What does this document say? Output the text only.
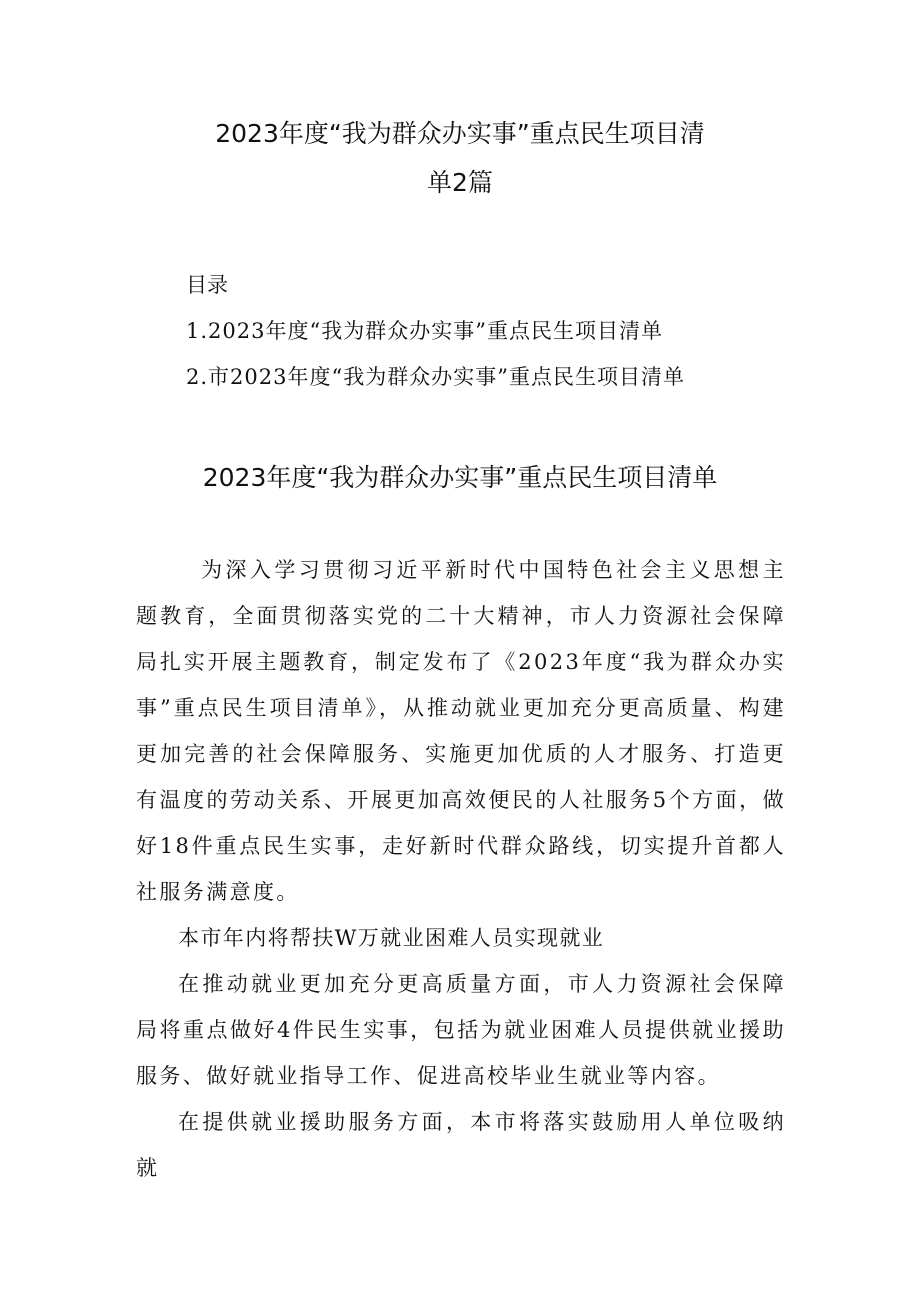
2023年度“我为群众办实事”重点民生项目清
单2篇
目录
1.2023年度“我为群众办实事”重点民生项目清单
2.市2023年度“我为群众办实事”重点民生项目清单
2023年度“我为群众办实事”重点民生项目清单

为深入学习贯彻习近平新时代中国特色社会主义思想主题教育，全面贯彻落实党的二十大精神，市人力资源社会保障局扎实开展主题教育，制定发布了《2023年度“我为群众办实事”重点民生项目清单》，从推动就业更加充分更高质量、构建更加完善的社会保障服务、实施更加优质的人才服务、打造更有温度的劳动关系、开展更加高效便民的人社服务5个方面，做好18件重点民生实事，走好新时代群众路线，切实提升首都人社服务满意度。

本市年内将帮扶W万就业困难人员实现就业

在推动就业更加充分更高质量方面，市人力资源社会保障局将重点做好4件民生实事，包括为就业困难人员提供就业援助服务、做好就业指导工作、促进高校毕业生就业等内容。

在提供就业援助服务方面，本市将落实鼓励用人单位吸纳就
